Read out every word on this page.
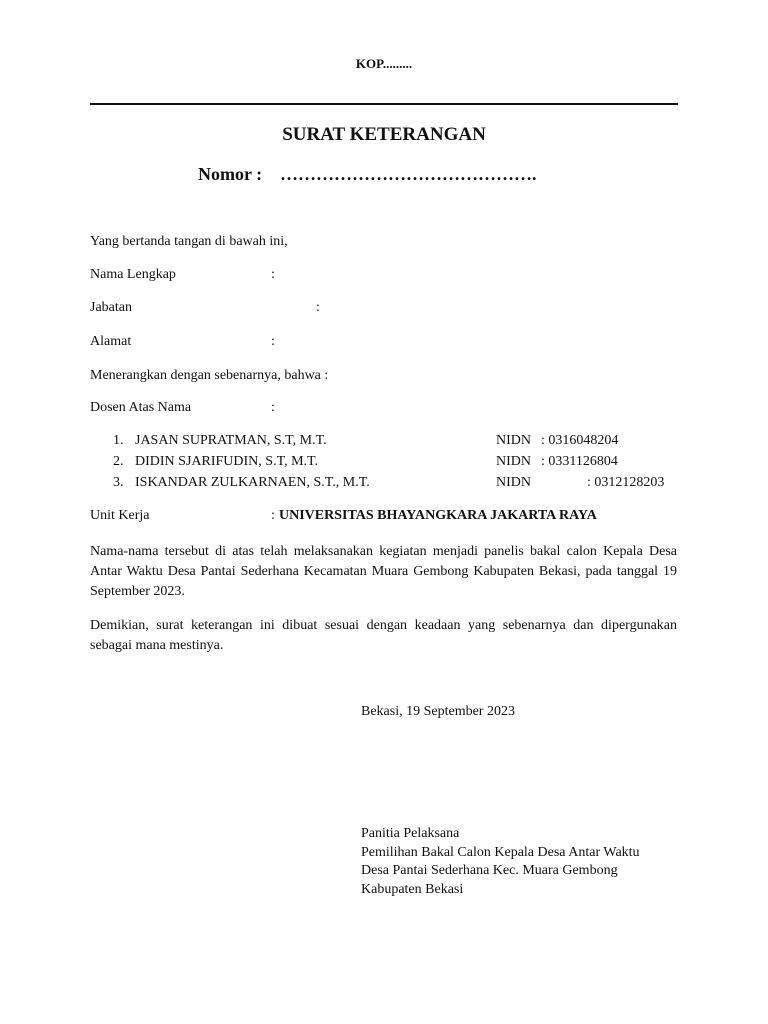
KOP.........
SURAT KETERANGAN
Nomor : …………………………………….
Yang bertanda tangan di bawah ini,
Nama Lengkap	:
Jabatan	:
Alamat	:
Menerangkan dengan sebenarnya, bahwa :
Dosen Atas Nama	:
1. JASAN SUPRATMAN, S.T, M.T.	NIDN : 0316048204
2. DIDIN SJARIFUDIN, S.T, M.T.	NIDN : 0331126804
3. ISKANDAR ZULKARNAEN, S.T., M.T.	NIDN	: 0312128203
Unit Kerja	: UNIVERSITAS BHAYANGKARA JAKARTA RAYA
Nama-nama tersebut di atas telah melaksanakan kegiatan menjadi panelis bakal calon Kepala Desa Antar Waktu Desa Pantai Sederhana Kecamatan Muara Gembong Kabupaten Bekasi, pada tanggal 19 September 2023.
Demikian, surat keterangan ini dibuat sesuai dengan keadaan yang sebenarnya dan dipergunakan sebagai mana mestinya.
Bekasi, 19 September 2023
Panitia Pelaksana
Pemilihan Bakal Calon Kepala Desa Antar Waktu
Desa Pantai Sederhana Kec. Muara Gembong
Kabupaten Bekasi
